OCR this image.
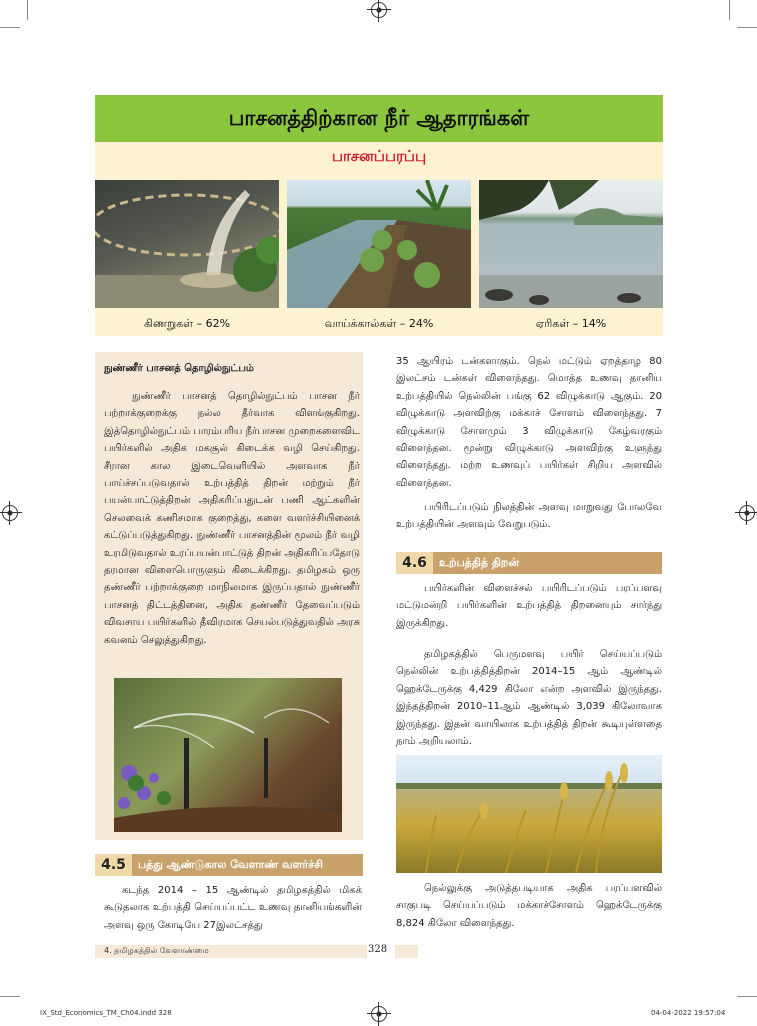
பாசனத்திற்கான நீர் ஆதாரங்கள்
பாசனப்பரப்பு
கிணறுகள் – 62%	வாய்க்கால்கள் – 24%	ஏரிகள் – 14%
நுண்ணீர் பாசனத் தொழில்நுட்பம்
நுண்ணீர் பாசனத் தொழில்நுட்பம் பாசன நீர் பற்றாக்குறைக்கு நல்ல தீர்வாக விளங்குகிறது. இத்தொழில்நுட்பம் பாரம்பரிய நீர்பாசன முறைகளைவிட பயிர்களில் அதிக மகசூல் கிடைக்க வழி செய்கிறது. சீரான கால இடைவெளியில் அளவாக நீர் பாய்ச்சப்படுவதால் உற்பத்தித் திறன் மற்றும் நீர் பயன்பாட்டுத்திறன் அதிகரிப்பதுடன் பணி ஆட்களின் செலவைக் கணிசமாக குறைத்து, களை வளர்ச்சியினைக் கட்டுப்படுத்துகிறது. நுண்ணீர் பாசனத்தின் மூலம் நீர் வழி உரமிடுவதால் உரப்பயன்பாட்டுத் திறன் அதிகரிப்பதோடு தரமான விளைபொருளும் கிடைக்கிறது. தமிழகம் ஒரு தண்ணீர் பற்றாக்குறை மாநிலமாக இருப்பதால் நுண்ணீர் பாசனத் திட்டத்தினை, அதிக தண்ணீர் தேவைப்படும் விவசாய பயிர்களில் தீவிரமாக செயல்படுத்துவதில் அரசு கவனம் செலுத்துகிறது.
4.5	பத்து ஆண்டுகால வேளாண் வளர்ச்சி
கடந்த 2014 – 15 ஆண்டில் தமிழகத்தில் மிகக் கூடுதலாக உற்பத்தி செய்யப்பட்ட உணவு தானியங்களின் அளவு ஒரு கோடியே 27இலட்சத்து
35 ஆயிரம் டன்களாகும். நெல் மட்டும் ஏறத்தாழ 80 இலட்சம் டன்கள் விளைந்தது. மொத்த உணவு தானிய உற்பத்தியில் நெல்லின் பங்கு 62 விழுக்காடு ஆகும். 20 விழுக்காடு அளவிற்கு மக்காச் சோளம் விளைந்தது. 7 விழுக்காடு சோளமும் 3 விழுக்காடு கேழ்வரகும் விளைந்தன. மூன்று விழுக்காடு அளவிற்கு உளுந்து விளைந்தது. மற்ற உணவுப் பயிர்கள் சிறிய அளவில் விளைந்தன.
பயிரிடப்படும் நிலத்தின் அளவு மாறுவது போலவே உற்பத்தியின் அளவும் வேறுபடும்.
4.6	உற்பத்தித் திறன்
பயிர்களின் விளைச்சல் பயிரிடப்படும் பரப்பளவு மட்டுமன்றி பயிர்களின் உற்பத்தித் திறனையும் சார்ந்து இருக்கிறது.
தமிழகத்தில் பெருமளவு பயிர் செய்யப்படும் நெல்லின் உற்பத்தித்திறன் 2014–15 ஆம் ஆண்டில் ஹெக்டேருக்கு 4,429 கிலோ என்ற அளவில் இருந்தது. இந்தத்திறன் 2010–11ஆம் ஆண்டில் 3,039 கிலோவாக இருந்தது. இதன் வாயிலாக உற்பத்தித் திறன் கூடியுள்ளதை நாம் அறியலாம்.
நெல்லுக்கு அடுத்தபடியாக அதிக பரப்பளவில் சாகுபடி செய்யப்படும் மக்காச்சோளம் ஹெக்டேருக்கு 8,824 கிலோ விளைந்தது.
4. தமிழகத்தில் வேளாண்மை	328
IX_Std_Economics_TM_Ch04.indd 328	04-04-2022 19:57:04
